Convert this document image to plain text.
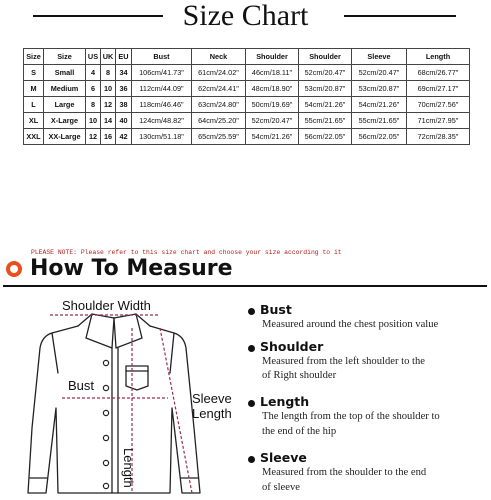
Size Chart
Size	Size	US	UK	EU	Bust	Neck	Shoulder	Shoulder	Sleeve	Length
S	Small	4	8	34	106cm/41.73"	61cm/24.02"	46cm/18.11"	52cm/20.47"	52cm/20.47"	68cm/26.77"
M	Medium	6	10	36	112cm/44.09"	62cm/24.41"	48cm/18.90"	53cm/20.87"	53cm/20.87"	69cm/27.17"
L	Large	8	12	38	118cm/46.46"	63cm/24.80"	50cm/19.69"	54cm/21.26"	54cm/21.26"	70cm/27.56"
XL	X-Large	10	14	40	124cm/48.82"	64cm/25.20"	52cm/20.47"	55cm/21.65"	55cm/21.65"	71cm/27.95"
XXL	XX-Large	12	16	42	130cm/51.18"	65cm/25.59"	54cm/21.26"	56cm/22.05"	56cm/22.05"	72cm/28.35"
PLEASE NOTE: Please refer to this size chart and choose your size according to it
How To Measure
Shoulder Width
Bust
Sleeve
Length
Length
Bust
Measured around the chest position value
Shoulder
Measured from the left shoulder to the
of Right shoulder
Length
The length from the top of the shoulder to
the end of the hip
Sleeve
Measured from the shoulder to the end
of sleeve
